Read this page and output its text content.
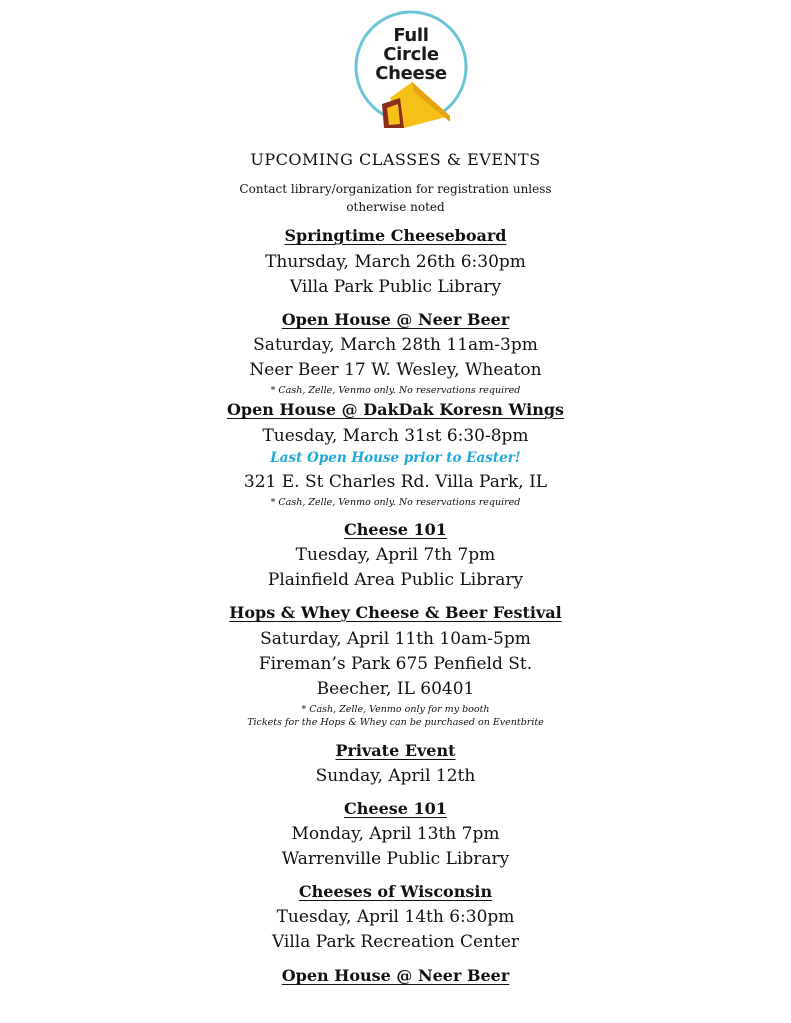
Full
Circle
Cheese
UPCOMING CLASSES & EVENTS
Contact library/organization for registration unless
otherwise noted
Springtime Cheeseboard
Thursday, March 26th 6:30pm
Villa Park Public Library
Open House @ Neer Beer
Saturday, March 28th 11am-3pm
Neer Beer 17 W. Wesley, Wheaton
* Cash, Zelle, Venmo only. No reservations required
Open House @ DakDak Koresn Wings
Tuesday, March 31st 6:30-8pm
Last Open House prior to Easter!
321 E. St Charles Rd. Villa Park, IL
* Cash, Zelle, Venmo only. No reservations required
Cheese 101
Tuesday, April 7th 7pm
Plainfield Area Public Library
Hops & Whey Cheese & Beer Festival
Saturday, April 11th 10am-5pm
Fireman’s Park 675 Penfield St.
Beecher, IL 60401
* Cash, Zelle, Venmo only for my booth
Tickets for the Hops & Whey can be purchased on Eventbrite
Private Event
Sunday, April 12th
Cheese 101
Monday, April 13th 7pm
Warrenville Public Library
Cheeses of Wisconsin
Tuesday, April 14th 6:30pm
Villa Park Recreation Center
Open House @ Neer Beer
